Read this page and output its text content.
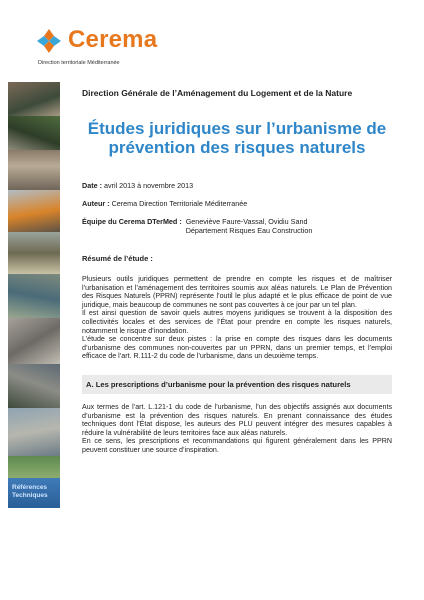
Cerema
Direction territoriale Méditerranée
Références
Techniques
Direction Générale de l’Aménagement du Logement et de la Nature
Études juridiques sur l’urbanisme de
prévention des risques naturels
Date : avril 2013 à novembre 2013
Auteur : Cerema Direction Territoriale Méditerranée
Équipe du Cerema DTerMed : Geneviève Faure-Vassal, Ovidiu Sand
Département Risques Eau Construction
Résumé de l’étude :

Plusieurs outils juridiques permettent de prendre en compte les risques et de maîtriser l’urbanisation et l’aménagement des territoires soumis aux aléas naturels. Le Plan de Prévention des Risques Naturels (PPRN) représente l’outil le plus adapté et le plus efficace de point de vue juridique, mais beaucoup de communes ne sont pas couvertes à ce jour par un tel plan.

Il est ainsi question de savoir quels autres moyens juridiques se trouvent à la disposition des collectivités locales et des services de l’État pour prendre en compte les risques naturels, notamment le risque d’inondation.

L’étude se concentre sur deux pistes : la prise en compte des risques dans les documents d’urbanisme des communes non-couvertes par un PPRN, dans un premier temps, et l’emploi efficace de l’art. R.111-2 du code de l’urbanisme, dans un deuxième temps.

A. Les prescriptions d’urbanisme pour la prévention des risques naturels

Aux termes de l’art. L.121-1 du code de l’urbanisme, l’un des objectifs assignés aux documents d’urbanisme est la prévention des risques naturels. En prenant connaissance des études techniques dont l’État dispose, les auteurs des PLU peuvent intégrer des mesures capables à réduire la vulnérabilité de leurs territoires face aux aléas naturels.

En ce sens, les prescriptions et recommandations qui figurent généralement dans les PPRN peuvent constituer une source d’inspiration.
